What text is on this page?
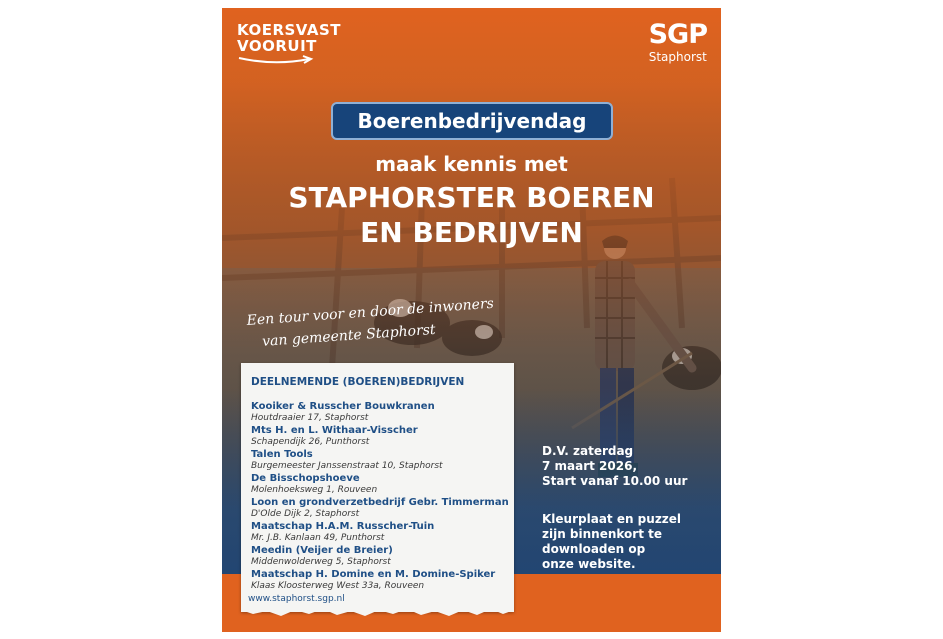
KOERSVAST
VOORUIT	SGP
Staphorst
Boerenbedrijvendag
maak kennis met
STAPHORSTER BOEREN
EN BEDRIJVEN
Een tour voor en door de inwoners
van gemeente Staphorst
DEELNEMENDE (BOEREN)BEDRIJVEN
Kooiker & Russcher Bouwkranen
Houtdraaier 17, Staphorst
Mts H. en L. Withaar-Visscher
Schapendijk 26, Punthorst
Talen Tools
Burgemeester Janssenstraat 10, Staphorst
De Bisschopshoeve
Molenhoeksweg 1, Rouveen
Loon en grondverzetbedrijf Gebr. Timmerman
D'Olde Dijk 2, Staphorst
Maatschap H.A.M. Russcher-Tuin
Mr. J.B. Kanlaan 49, Punthorst
Meedin (Veijer de Breier)
Middenwolderweg 5, Staphorst
Maatschap H. Domine en M. Domine-Spiker
Klaas Kloosterweg West 33a, Rouveen
www.staphorst.sgp.nl
D.V. zaterdag
7 maart 2026,
Start vanaf 10.00 uur
Kleurplaat en puzzel
zijn binnenkort te
downloaden op
onze website.
